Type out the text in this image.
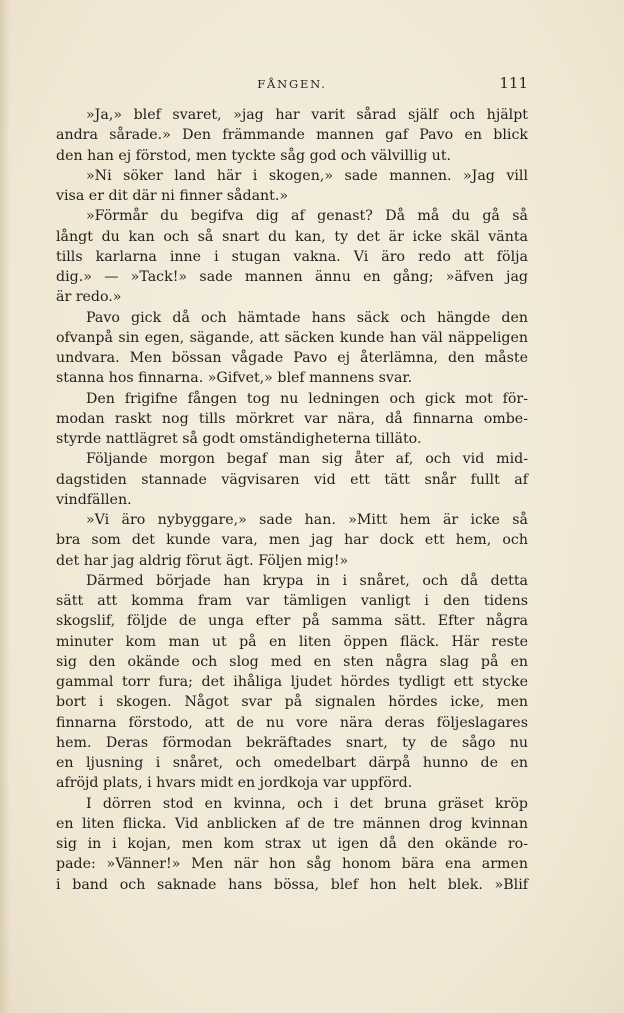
FÅNGEN.	111
»Ja,» blef svaret, »jag har varit sårad själf och hjälpt
andra sårade.» Den främmande mannen gaf Pavo en blick
den han ej förstod, men tyckte såg god och välvillig ut.
»Ni söker land här i skogen,» sade mannen. »Jag vill
visa er dit där ni finner sådant.»
»Förmår du begifva dig af genast? Då må du gå så
långt du kan och så snart du kan, ty det är icke skäl vänta
tills karlarna inne i stugan vakna. Vi äro redo att följa
dig.» — »Tack!» sade mannen ännu en gång; »äfven jag
är redo.»
Pavo gick då och hämtade hans säck och hängde den
ofvanpå sin egen, sägande, att säcken kunde han väl näppeligen
undvara. Men bössan vågade Pavo ej återlämna, den måste
stanna hos finnarna. »Gifvet,» blef mannens svar.
Den frigifne fången tog nu ledningen och gick mot för-
modan raskt nog tills mörkret var nära, då finnarna ombe-
styrde nattlägret så godt omständigheterna tilläto.
Följande morgon begaf man sig åter af, och vid mid-
dagstiden stannade vägvisaren vid ett tätt snår fullt af
vindfällen.
»Vi äro nybyggare,» sade han. »Mitt hem är icke så
bra som det kunde vara, men jag har dock ett hem, och
det har jag aldrig förut ägt. Följen mig!»
Därmed började han krypa in i snåret, och då detta
sätt att komma fram var tämligen vanligt i den tidens
skogslif, följde de unga efter på samma sätt. Efter några
minuter kom man ut på en liten öppen fläck. Här reste
sig den okände och slog med en sten några slag på en
gammal torr fura; det ihåliga ljudet hördes tydligt ett stycke
bort i skogen. Något svar på signalen hördes icke, men
finnarna förstodo, att de nu vore nära deras följeslagares
hem. Deras förmodan bekräftades snart, ty de sågo nu
en ljusning i snåret, och omedelbart därpå hunno de en
afröjd plats, i hvars midt en jordkoja var uppförd.
I dörren stod en kvinna, och i det bruna gräset kröp
en liten flicka. Vid anblicken af de tre männen drog kvinnan
sig in i kojan, men kom strax ut igen då den okände ro-
pade: »Vänner!» Men när hon såg honom bära ena armen
i band och saknade hans bössa, blef hon helt blek. »Blif
